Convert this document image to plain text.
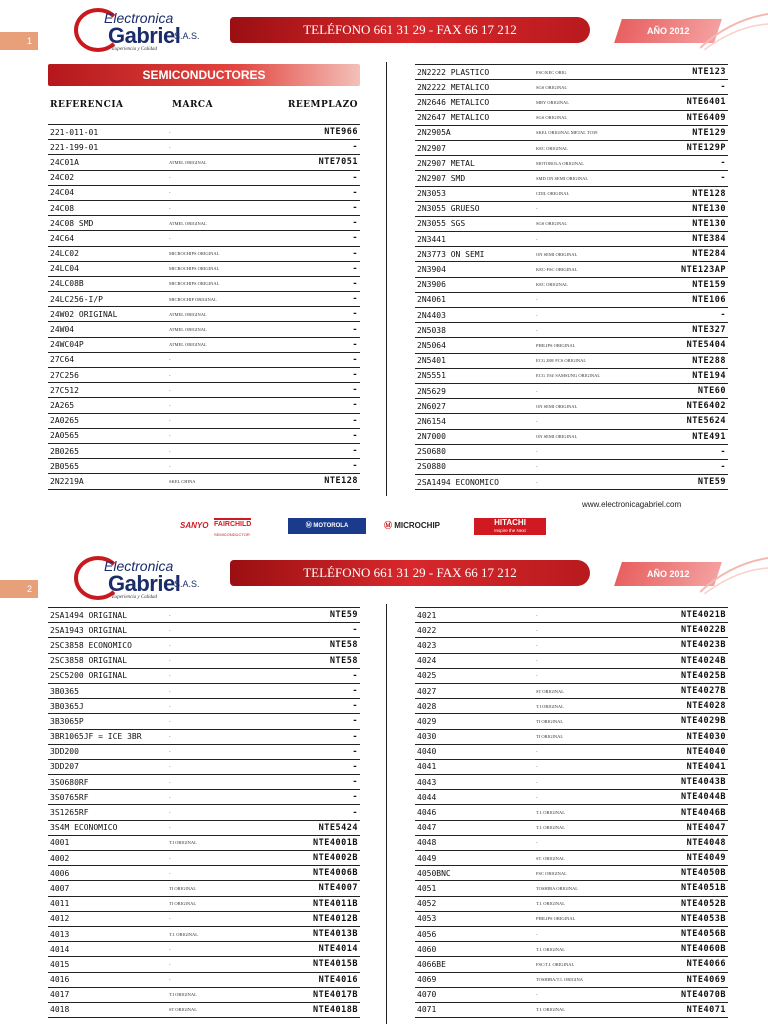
1
Electronica
Gabriel
S.A.S.
Experiencia y Calidad
TELÉFONO 661 31 29 - FAX 66 17 212	AÑO 2012
SEMICONDUCTORES
REFERENCIA	MARCA	REEMPLAZO
221-011-01	-	NTE966
221-199-01	-	-
24C01A	ATMEL ORIGINAL	NTE7051
24C02	-	-
24C04	-	-
24C08	-	-
24C08 SMD	ATMEL ORIGINAL	-
24C64	-	-
24LC02	MICROCHIPS ORIGINAL	-
24LC04	MICROCHIPS ORIGINAL	-
24LC08B	MICROCHIPS ORIGINAL	-
24LC256-I/P	MICROCHIP ORIGINAL	-
24W02 ORIGINAL	ATMEL ORIGINAL	-
24W04	ATMEL ORIGINAL	-
24WC04P	ATMEL ORIGINAL	-
27C64	-	-
27C256	-	-
27C512	-	-
2A265	-	-
2A0265	-	-
2A0565	-	-
2B0265	-	-
2B0565	-	-
2N2219A	SKEL CHINA	NTE128
2N2222 PLASTICO	FSC/KEC ORIG	NTE123
2N2222 METALICO	SGS ORIGINAL	-
2N2646 METALICO	MBY ORIGINAL	NTE6401
2N2647 METALICO	SGS ORIGINAL	NTE6409
2N2905A	SKEL ORIGINAL METAL TO39	NTE129
2N2907	KEC ORIGINAL	NTE129P
2N2907 METAL	MOTOROLA ORIGINAL	-
2N2907 SMD	SMD ON SEMI ORIGINAL	-
2N3053	CDIL ORIGINAL	NTE128
2N3055 GRUESO	-	NTE130
2N3055 SGS	SGS ORIGINAL	NTE130
2N3441	-	NTE384
2N3773 ON SEMI	ON SEMI ORIGINAL	NTE284
2N3904	KEC-FSC ORIGINAL	NTE123AP
2N3906	KEC ORIGINAL	NTE159
2N4061	-	NTE106
2N4403	-	-
2N5038	-	NTE327
2N5064	PHILIPS ORIGINAL	NTE5404
2N5401	ECG 288/ FCS ORIGINAL	NTE288
2N5551	ECG 194/ SAMSUNG ORIGINAL	NTE194
2N5629	-	NTE60
2N6027	ON SEMI ORIGINAL	NTE6402
2N6154	-	NTE5624
2N7000	ON SEMI ORIGINAL	NTE491
2S0680	-	-
2S0880	-	-
2SA1494 ECONOMICO	-	NTE59
www.electronicagabriel.com
SANYO FAIRCHILD
SEMICONDUCTOR
Ⓜ MOTOROLA	Ⓜ MICROCHIP	HITACHI
Inspire the Next
2
Electronica
Gabriel
S.A.S.
Experiencia y Calidad
TELÉFONO 661 31 29 - FAX 66 17 212	AÑO 2012
2SA1494 ORIGINAL	-	NTE59
2SA1943 ORIGINAL	-	-
2SC3858 ECONOMICO	-	NTE58
2SC3858 ORIGINAL	-	NTE58
2SC5200 ORIGINAL	-	-
3B0365	-	-
3B0365J	-	-
3B3065P	-	-
3BR1065JF = ICE 3BR	-	-
3DD200	-	-
3DD207	-	-
3S0680RF	-	-
3S0765RF	-	-
3S1265RF	-	-
3S4M ECONOMICO	-	NTE5424
4001	T.I ORIGINAL	NTE4001B
4002	-	NTE4002B
4006	-	NTE4006B
4007	TI ORIGINAL	NTE4007
4011	TI ORIGINAL	NTE4011B
4012	-	NTE4012B
4013	T.I. ORIGINAL	NTE4013B
4014	-	NTE4014
4015	-	NTE4015B
4016	-	NTE4016
4017	T.I ORIGINAL	NTE4017B
4018	ST ORIGINAL	NTE4018B
4021	-	NTE4021B
4022	-	NTE4022B
4023	-	NTE4023B
4024	-	NTE4024B
4025	-	NTE4025B
4027	ST ORIGINAL	NTE4027B
4028	T.I ORIGINAL	NTE4028
4029	TI ORIGINAL	NTE4029B
4030	TI ORIGINAL	NTE4030
4040	-	NTE4040
4041	-	NTE4041
4043	-	NTE4043B
4044	-	NTE4044B
4046	T.I. ORIGINAL	NTE4046B
4047	T.I. ORIGINAL	NTE4047
4048	-	NTE4048
4049	ST. ORIGINAL	NTE4049
4050BNC	FSC ORIGINAL	NTE4050B
4051	TOSHIBA ORIGINAL	NTE4051B
4052	T.I. ORIGINAL	NTE4052B
4053	PHILIPS ORIGINAL	NTE4053B
4056	-	NTE4056B
4060	T.I. ORIGINAL	NTE4060B
4066BE	FSC/T.I. ORIGINAL	NTE4066
4069	TOSHIBA/T.I. ORIGINA	NTE4069
4070	-	NTE4070B
4071	T.I. ORIGINAL	NTE4071
